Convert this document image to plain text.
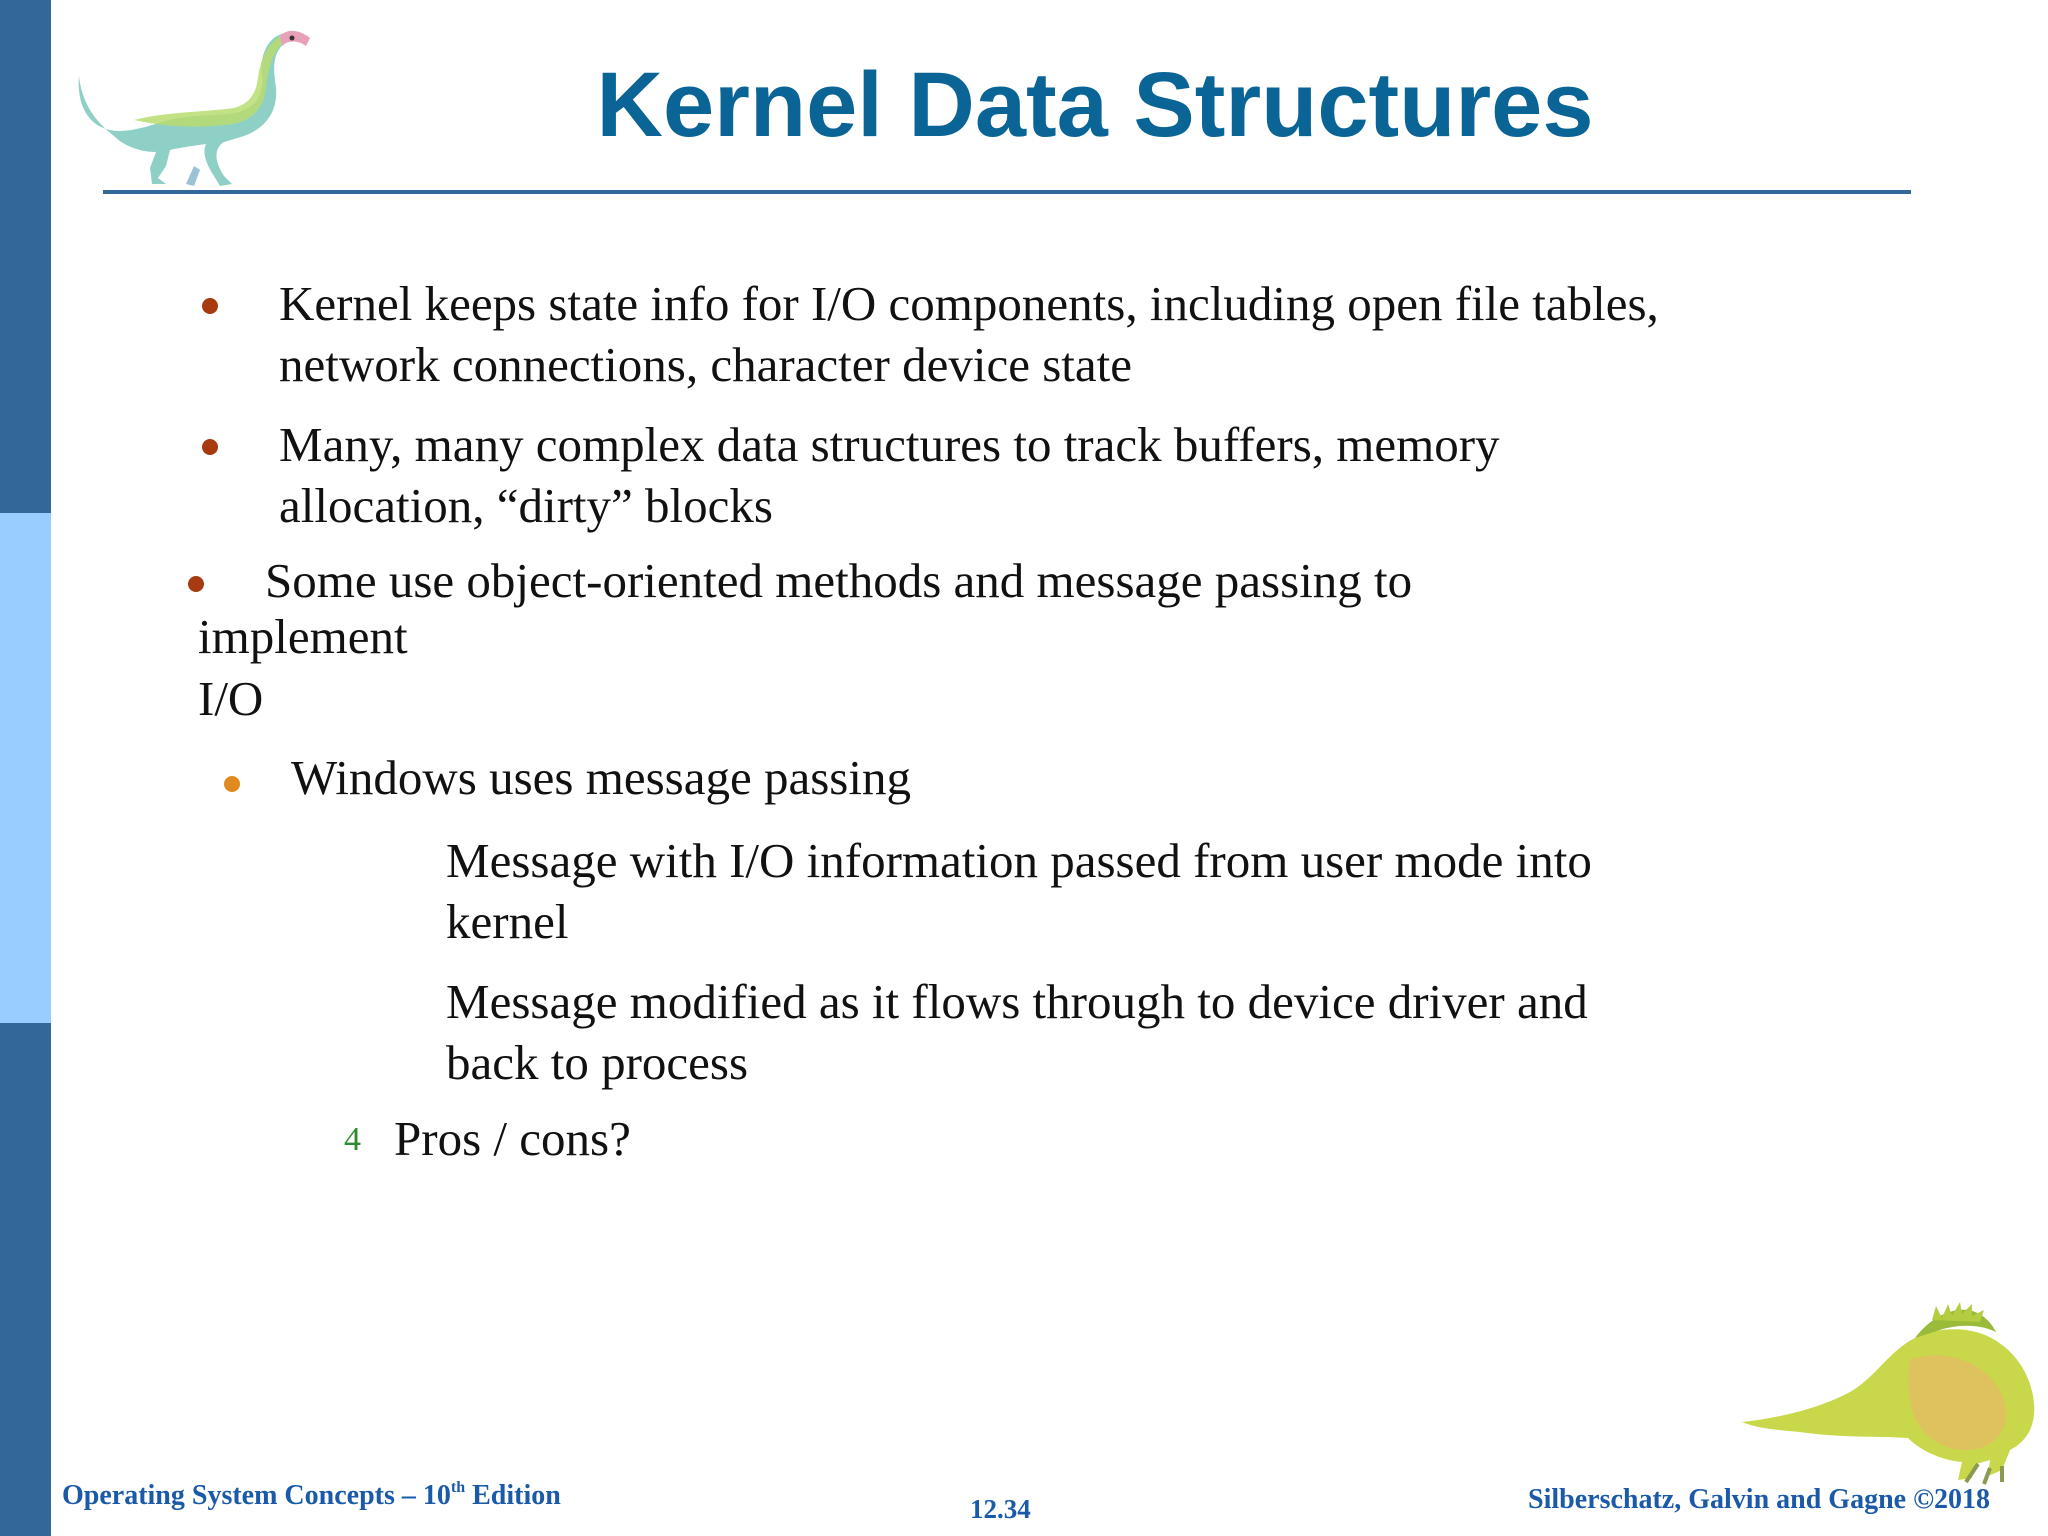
Kernel Data Structures
Kernel keeps state info for I/O components, including open file tables,
network connections, character device state
Many, many complex data structures to track buffers, memory
allocation, “dirty” blocks
Some use object-oriented methods and message passing to
implement
I/O
Windows uses message passing
Message with I/O information passed from user mode into
kernel
Message modified as it flows through to device driver and
back to process
4 Pros / cons?
Operating System Concepts – 10th Edition	12.34	Silberschatz, Galvin and Gagne ©2018
